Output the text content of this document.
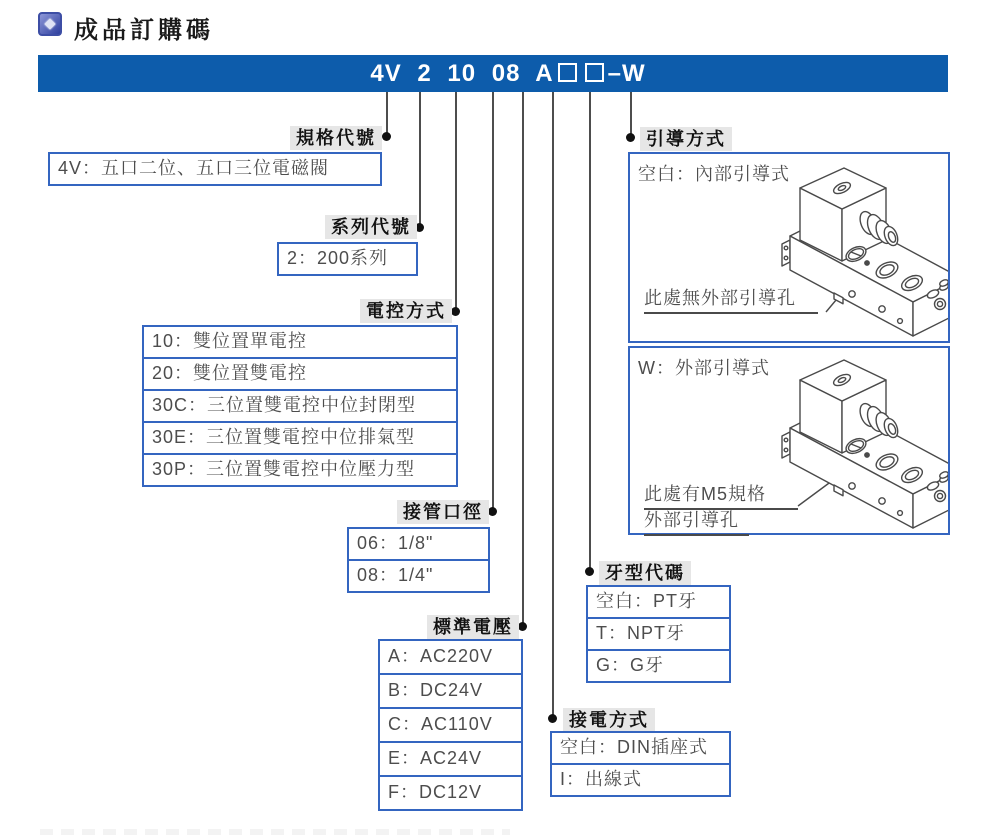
成品訂購碼
4V 2 10 08 A –W
規格代號
4V：五口二位、五口三位電磁閥
系列代號
2：200系列
電控方式
10：雙位置單電控
20：雙位置雙電控
30C：三位置雙電控中位封閉型
30E：三位置雙電控中位排氣型
30P：三位置雙電控中位壓力型
接管口徑
06：1/8"
08：1/4"
標準電壓
A：AC220V
B：DC24V
C：AC110V
E：AC24V
F：DC12V
牙型代碼
空白：PT牙
T：NPT牙
G：G牙
接電方式
空白：DIN插座式
I：出線式
引導方式
空白：內部引導式
此處無外部引導孔
W：外部引導式
此處有M5規格
外部引導孔
